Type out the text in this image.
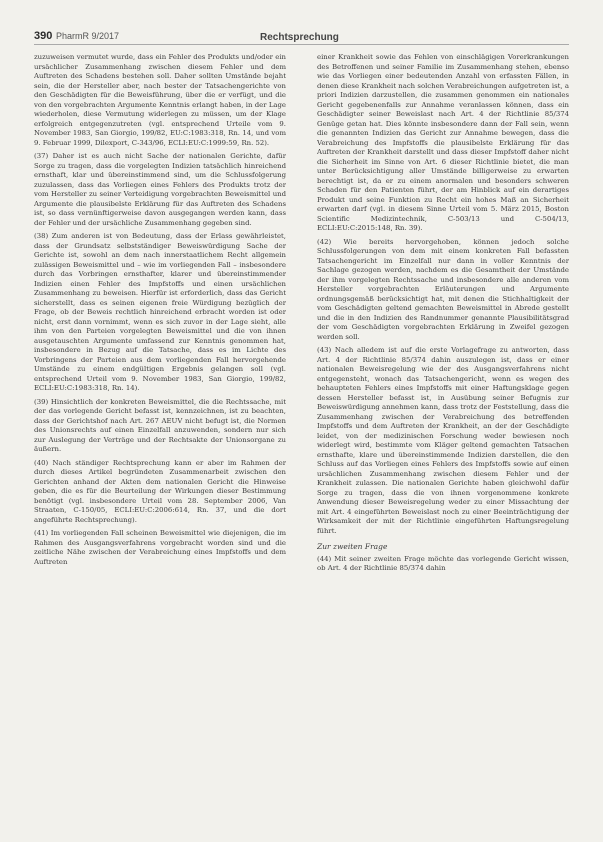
390 PharmR 9/2017	Rechtsprechung

zuzuweisen vermutet wurde, dass ein Fehler des Produkts und/oder ein ursächlicher Zusammenhang zwischen diesem Fehler und dem Auftreten des Schadens bestehen soll. Daher sollten Umstände bejaht sein, die der Hersteller aber, nach bester der Tatsachengerichte von den Geschädigten für die Beweisführung, über die er verfügt, und die von den vorgebrachten Argumente Kenntnis erlangt haben, in der Lage wiederholen, diese Vermutung widerlegen zu müssen, um der Klage erfolgreich entgegenzutreten (vgl. entsprechend Urteile vom 9. November 1983, San Giorgio, 199/82, EU:C:1983:318, Rn. 14, und vom 9. Februar 1999, Dilexport, C-343/96, ECLI:EU:C:1999:59, Rn. 52).

(37) Daher ist es auch nicht Sache der nationalen Gerichte, dafür Sorge zu tragen, dass die vorgelegten Indizien tatsächlich hinreichend ernsthaft, klar und übereinstimmend sind, um die Schlussfolgerung zuzulassen, dass das Vorliegen eines Fehlers des Produkts trotz der vom Hersteller zu seiner Verteidigung vorgebrachten Beweismittel und Argumente die plausibelste Erklärung für das Auftreten des Schadens ist, so dass vernünftigerweise davon ausgegangen werden kann, dass der Fehler und der ursächliche Zusammenhang gegeben sind.

(38) Zum anderen ist von Bedeutung, dass der Erlass gewährleistet, dass der Grundsatz selbstständiger Beweiswürdigung Sache der Gerichte ist, sowohl an dem nach innerstaatlichem Recht allgemein zulässigen Beweismittel und – wie im vorliegenden Fall – insbesondere durch das Vorbringen ernsthafter, klarer und übereinstimmender Indizien einen Fehler des Impfstoffs und einen ursächlichen Zusammenhang zu beweisen. Hierfür ist erforderlich, dass das Gericht sicherstellt, dass es seinen eigenen freie Würdigung bezüglich der Frage, ob der Beweis rechtlich hinreichend erbracht worden ist oder nicht, erst dann vornimmt, wenn es sich zuvor in der Lage sieht, alle ihm von den Parteien vorgelegten Beweismittel und die von ihnen ausgetauschten Argumente umfassend zur Kenntnis genommen hat, insbesondere in Bezug auf die Tatsache, dass es im Lichte des Vorbringens der Parteien aus dem vorliegenden Fall hervorgehende Umstände zu einem endgültigen Ergebnis gelangen soll (vgl. entsprechend Urteil vom 9. November 1983, San Giorgio, 199/82, ECLI:EU:C:1983:318, Rn. 14).

(39) Hinsichtlich der konkreten Beweismittel, die die Rechtssache, mit der das vorlegende Gericht befasst ist, kennzeichnen, ist zu beachten, dass der Gerichtshof nach Art. 267 AEUV nicht befugt ist, die Normen des Unionsrechts auf einen Einzelfall anzuwenden, sondern nur sich zur Auslegung der Verträge und der Rechtsakte der Unionsorgane zu äußern.

(40) Nach ständiger Rechtsprechung kann er aber im Rahmen der durch dieses Artikel begründeten Zusammenarbeit zwischen den Gerichten anhand der Akten dem nationalen Gericht die Hinweise geben, die es für die Beurteilung der Wirkungen dieser Bestimmung benötigt (vgl. insbesondere Urteil vom 28. September 2006, Van Straaten, C-150/05, ECLI:EU:C:2006:614, Rn. 37, und die dort angeführte Rechtsprechung).

(41) Im vorliegenden Fall scheinen Beweismittel wie diejenigen, die im Rahmen des Ausgangsverfahrens vorgebracht worden sind und die zeitliche Nähe zwischen der Verabreichung eines Impfstoffs und dem Auftreten

einer Krankheit sowie das Fehlen von einschlägigen Vorerkrankungen des Betroffenen und seiner Familie im Zusammenhang stehen, ebenso wie das Vorliegen einer bedeutenden Anzahl von erfassten Fällen, in denen diese Krankheit nach solchen Verabreichungen aufgetreten ist, a priori Indizien darzustellen, die zusammen genommen ein nationales Gericht gegebenenfalls zur Annahme veranlassen können, dass ein Geschädigter seiner Beweislast nach Art. 4 der Richtlinie 85/374 Genüge getan hat. Dies könnte insbesondere dann der Fall sein, wenn die genannten Indizien das Gericht zur Annahme bewegen, dass die Verabreichung des Impfstoffs die plausibelste Erklärung für das Auftreten der Krankheit darstellt und dass dieser Impfstoff daher nicht die Sicherheit im Sinne von Art. 6 dieser Richtlinie bietet, die man unter Berücksichtigung aller Umstände billigerweise zu erwarten berechtigt ist, da er zu einem anormalen und besonders schweren Schaden für den Patienten führt, der am Hinblick auf ein derartiges Produkt und seine Funktion zu Recht ein hohes Maß an Sicherheit erwarten darf (vgl. in diesem Sinne Urteil vom 5. März 2015, Boston Scientific Medizintechnik, C-503/13 und C-504/13, ECLI:EU:C:2015:148, Rn. 39).

(42) Wie bereits hervorgehoben, können jedoch solche Schlussfolgerungen von dem mit einem konkreten Fall befassten Tatsachengericht im Einzelfall nur dann in voller Kenntnis der Sachlage gezogen werden, nachdem es die Gesamtheit der Umstände der ihm vorgelegten Rechtssache und insbesondere alle anderen vom Hersteller vorgebrachten Erläuterungen und Argumente ordnungsgemäß berücksichtigt hat, mit denen die Stichhaltigkeit der vom Geschädigten geltend gemachten Beweismittel in Abrede gestellt und die in den Indizien des Randnummer genannte Plausibilitätsgrad der vom Geschädigten vorgebrachten Erklärung in Zweifel gezogen werden soll.

(43) Nach alledem ist auf die erste Vorlagefrage zu antworten, dass Art. 4 der Richtlinie 85/374 dahin auszulegen ist, dass er einer nationalen Beweisregelung wie der des Ausgangsverfahrens nicht entgegensteht, wonach das Tatsachengericht, wenn es wegen des behaupteten Fehlers eines Impfstoffs mit einer Haftungsklage gegen dessen Hersteller befasst ist, in Ausübung seiner Befugnis zur Beweiswürdigung annehmen kann, dass trotz der Feststellung, dass die Zusammenhang zwischen der Verabreichung des betreffenden Impfstoffs und dem Auftreten der Krankheit, an der der Geschädigte leidet, von der medizinischen Forschung weder bewiesen noch widerlegt wird, bestimmte vom Kläger geltend gemachten Tatsachen ernsthafte, klare und übereinstimmende Indizien darstellen, die den Schluss auf das Vorliegen eines Fehlers des Impfstoffs sowie auf einen ursächlichen Zusammenhang zwischen diesem Fehler und der Krankheit zulassen. Die nationalen Gerichte haben gleichwohl dafür Sorge zu tragen, dass die von ihnen vorgenommene konkrete Anwendung dieser Beweisregelung weder zu einer Missachtung der mit Art. 4 eingeführten Beweislast noch zu einer Beeinträchtigung der Wirksamkeit der mit der Richtlinie eingeführten Haftungsregelung führt.

Zur zweiten Frage

(44) Mit seiner zweiten Frage möchte das vorlegende Gericht wissen, ob Art. 4 der Richtlinie 85/374 dahin
